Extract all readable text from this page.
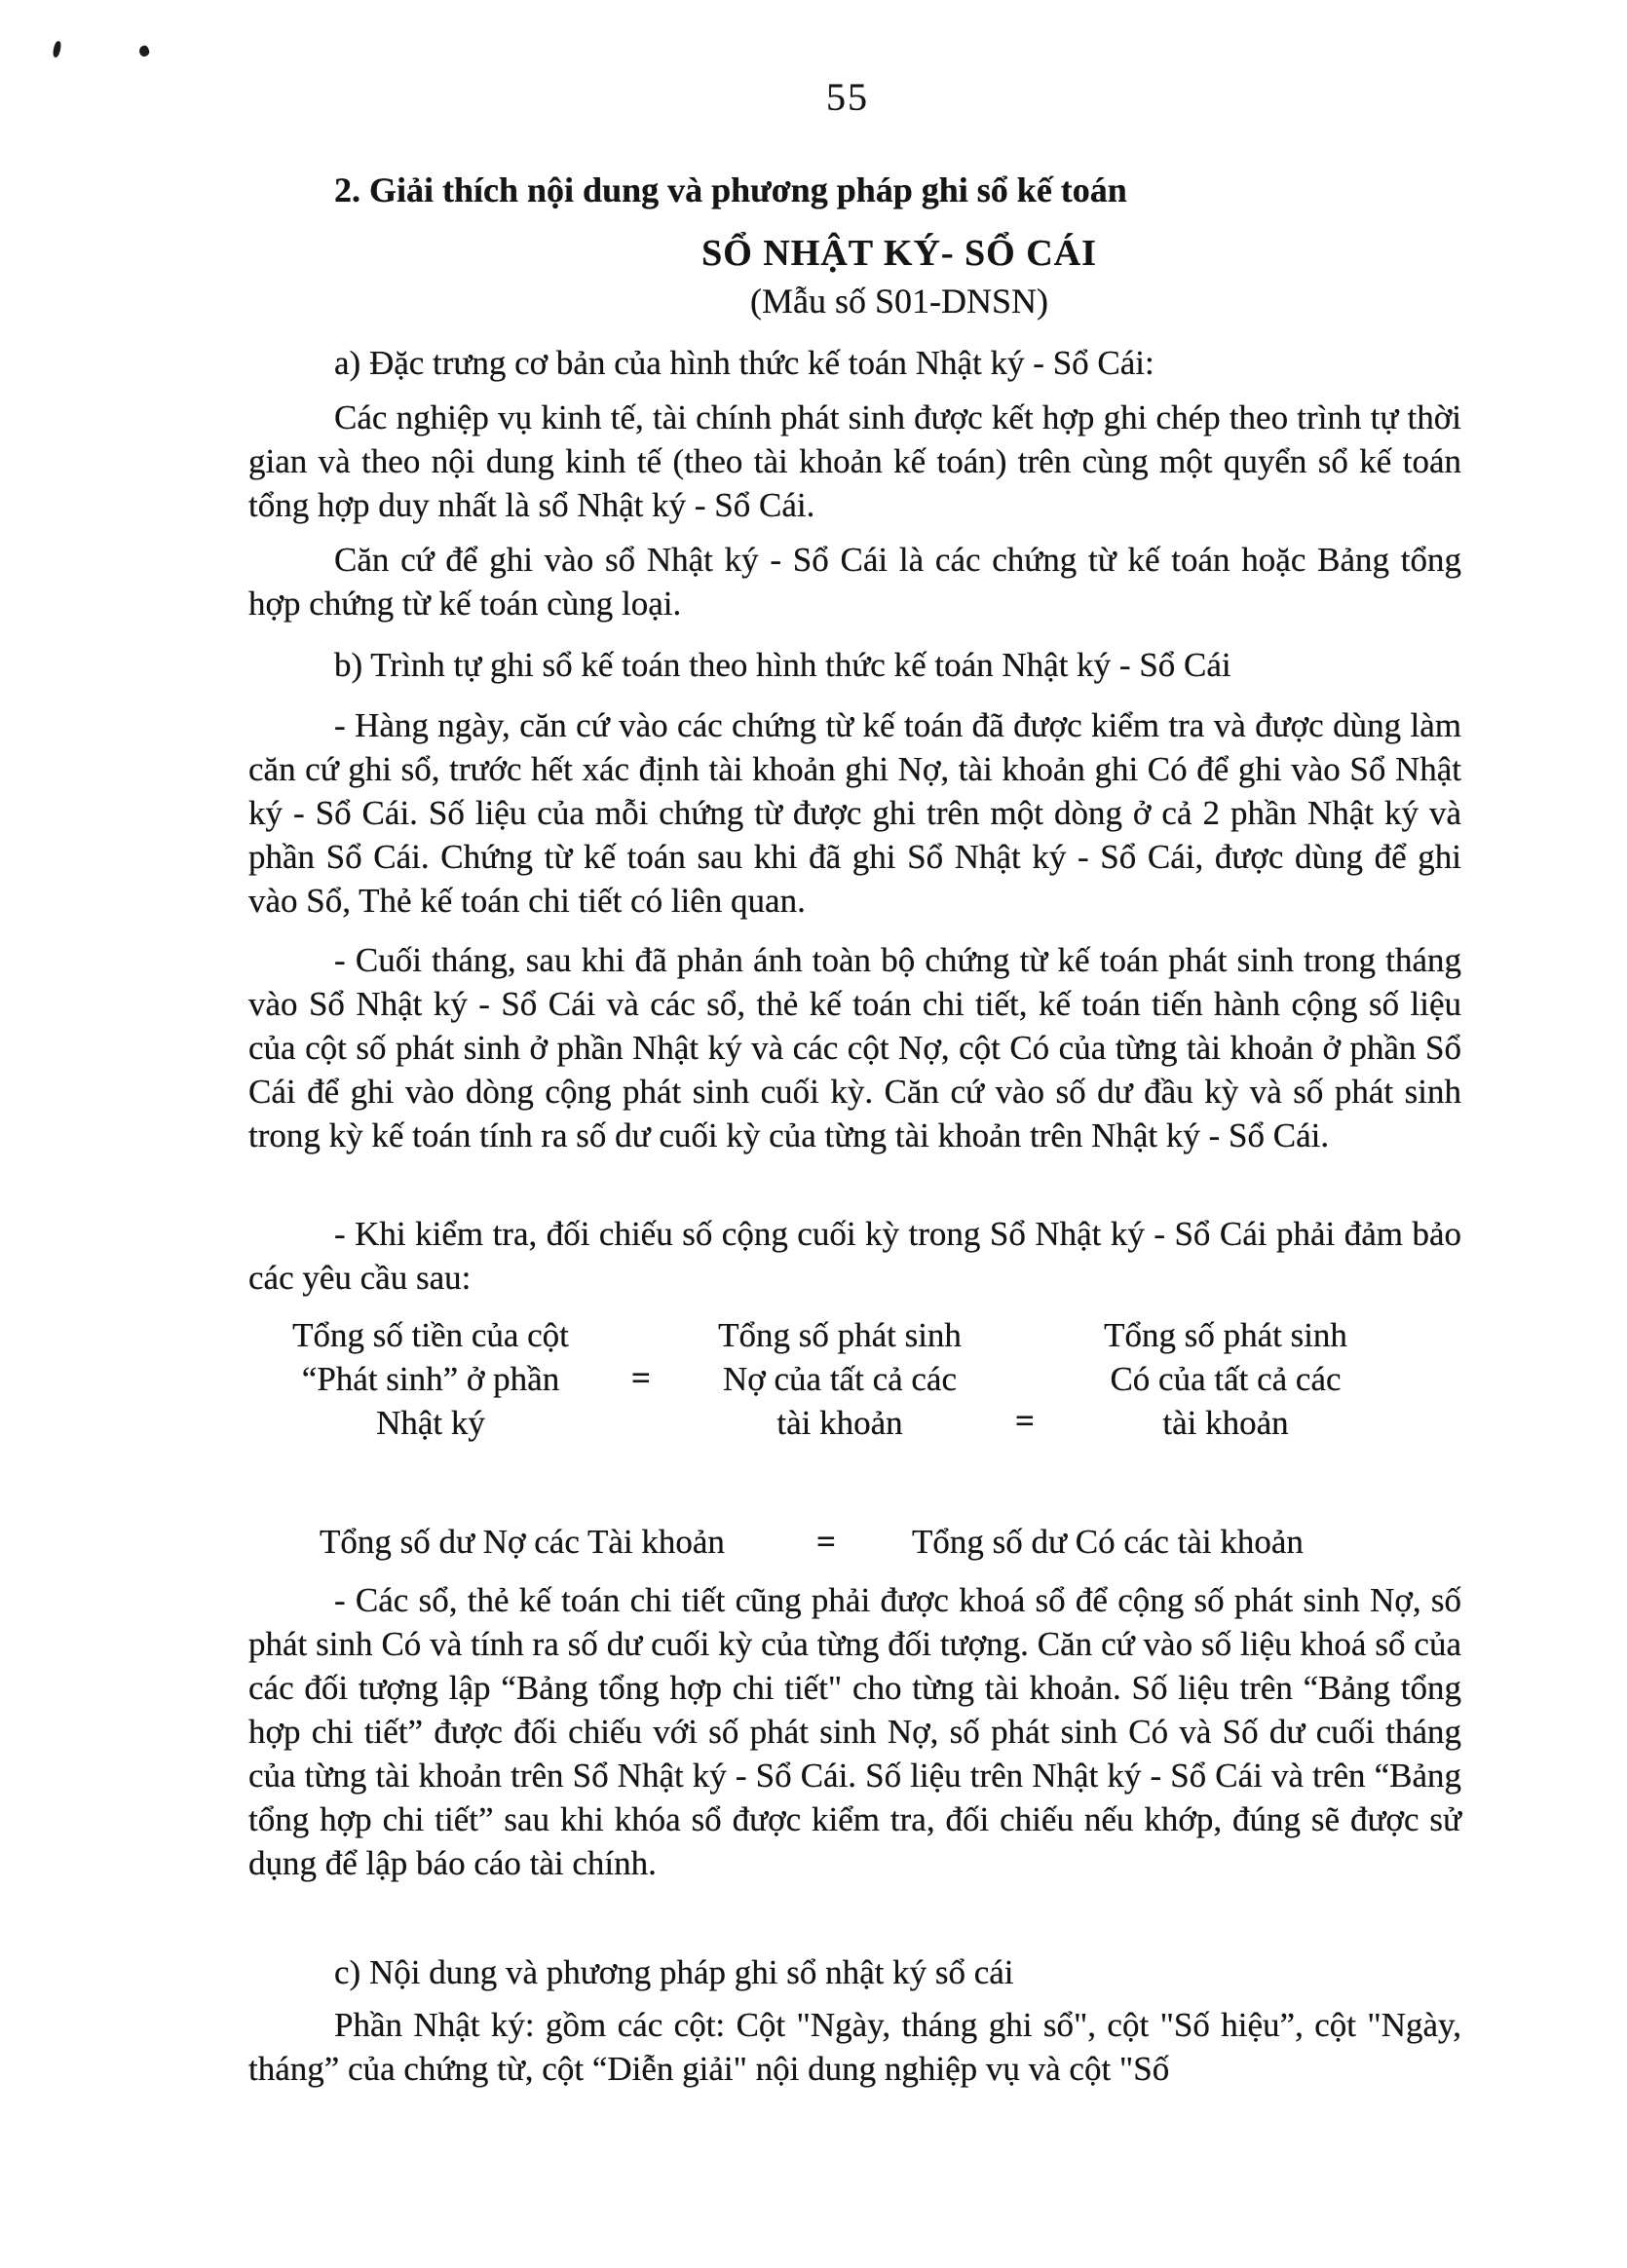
55
2. Giải thích nội dung và phương pháp ghi sổ kế toán
SỔ NHẬT KÝ- SỔ CÁI
(Mẫu số S01-DNSN)
a) Đặc trưng cơ bản của hình thức kế toán Nhật ký - Sổ Cái:
Các nghiệp vụ kinh tế, tài chính phát sinh được kết hợp ghi chép theo trình tự thời gian và theo nội dung kinh tế (theo tài khoản kế toán) trên cùng một quyển sổ kế toán tổng hợp duy nhất là sổ Nhật ký - Sổ Cái.
Căn cứ để ghi vào sổ Nhật ký - Sổ Cái là các chứng từ kế toán hoặc Bảng tổng hợp chứng từ kế toán cùng loại.
b) Trình tự ghi sổ kế toán theo hình thức kế toán Nhật ký - Sổ Cái
- Hàng ngày, căn cứ vào các chứng từ kế toán đã được kiểm tra và được dùng làm căn cứ ghi sổ, trước hết xác định tài khoản ghi Nợ, tài khoản ghi Có để ghi vào Sổ Nhật ký - Sổ Cái. Số liệu của mỗi chứng từ được ghi trên một dòng ở cả 2 phần Nhật ký và phần Sổ Cái. Chứng từ kế toán sau khi đã ghi Sổ Nhật ký - Sổ Cái, được dùng để ghi vào Sổ, Thẻ kế toán chi tiết có liên quan.
- Cuối tháng, sau khi đã phản ánh toàn bộ chứng từ kế toán phát sinh trong tháng vào Sổ Nhật ký - Sổ Cái và các sổ, thẻ kế toán chi tiết, kế toán tiến hành cộng số liệu của cột số phát sinh ở phần Nhật ký và các cột Nợ, cột Có của từng tài khoản ở phần Sổ Cái để ghi vào dòng cộng phát sinh cuối kỳ. Căn cứ vào số dư đầu kỳ và số phát sinh trong kỳ kế toán tính ra số dư cuối kỳ của từng tài khoản trên Nhật ký - Sổ Cái.
- Khi kiểm tra, đối chiếu số cộng cuối kỳ trong Sổ Nhật ký - Sổ Cái phải đảm bảo các yêu cầu sau:
Tổng số tiền của cột
“Phát sinh” ở phần
Nhật ký
=
Tổng số phát sinh
Nợ của tất cả các
tài khoản	=
Tổng số phát sinh
Có của tất cả các
tài khoản
Tổng số dư Nợ các Tài khoản	= Tổng số dư Có các tài khoản
- Các sổ, thẻ kế toán chi tiết cũng phải được khoá sổ để cộng số phát sinh Nợ, số phát sinh Có và tính ra số dư cuối kỳ của từng đối tượng. Căn cứ vào số liệu khoá sổ của các đối tượng lập “Bảng tổng hợp chi tiết" cho từng tài khoản. Số liệu trên “Bảng tổng hợp chi tiết” được đối chiếu với số phát sinh Nợ, số phát sinh Có và Số dư cuối tháng của từng tài khoản trên Sổ Nhật ký - Sổ Cái. Số liệu trên Nhật ký - Sổ Cái và trên “Bảng tổng hợp chi tiết” sau khi khóa sổ được kiểm tra, đối chiếu nếu khớp, đúng sẽ được sử dụng để lập báo cáo tài chính.
c) Nội dung và phương pháp ghi sổ nhật ký sổ cái
Phần Nhật ký: gồm các cột: Cột "Ngày, tháng ghi sổ", cột "Số hiệu”, cột "Ngày, tháng” của chứng từ, cột “Diễn giải" nội dung nghiệp vụ và cột "Số
